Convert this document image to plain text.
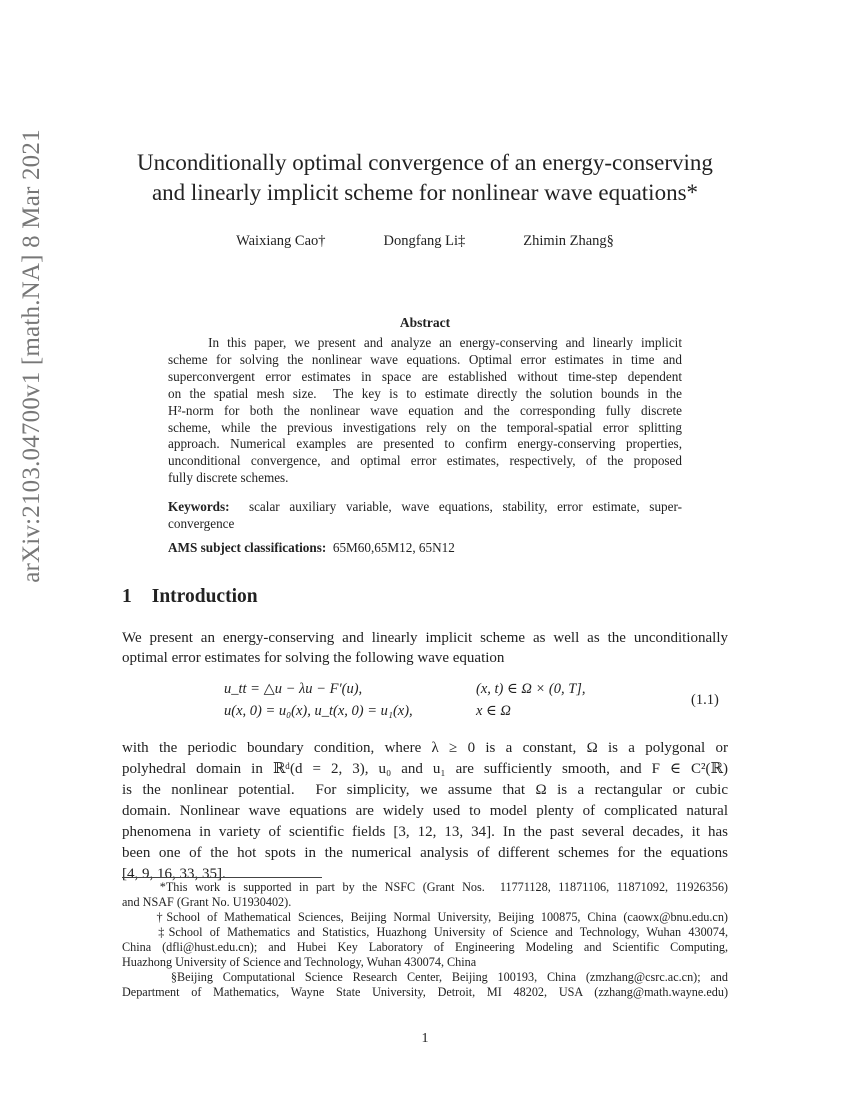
arXiv:2103.04700v1 [math.NA] 8 Mar 2021	Unconditionally optimal convergence of an energy-conserving
and linearly implicit scheme for nonlinear wave equations*
Waixiang Cao†	Dongfang Li‡	Zhimin Zhang§
Abstract
In this paper, we present and analyze an energy-conserving and linearly implicit
scheme for solving the nonlinear wave equations. Optimal error estimates in time and
superconvergent error estimates in space are established without time-step dependent
on the spatial mesh size.  The key is to estimate directly the solution bounds in the
H²-norm for both the nonlinear wave equation and the corresponding fully discrete
scheme, while the previous investigations rely on the temporal-spatial error splitting
approach. Numerical examples are presented to confirm energy-conserving properties,
unconditional convergence, and optimal error estimates, respectively, of the proposed
fully discrete schemes.
Keywords: scalar auxiliary variable, wave equations, stability, error estimate, super-
convergence
AMS subject classifications: 65M60,65M12, 65N12
1 Introduction
We present an energy-conserving and linearly implicit scheme as well as the unconditionally
optimal error estimates for solving the following wave equation
u_tt = △u − λu − F′(u),	(x, t) ∈ Ω × (0, T],
u(x, 0) = u₀(x), u_t(x, 0) = u₁(x),	x ∈ Ω
(1.1)
with the periodic boundary condition, where λ ≥ 0 is a constant, Ω is a polygonal or
polyhedral domain in ℝᵈ(d = 2, 3), u₀ and u₁ are sufficiently smooth, and F ∈ C²(ℝ)
is the nonlinear potential.  For simplicity, we assume that Ω is a rectangular or cubic
domain. Nonlinear wave equations are widely used to model plenty of complicated natural
phenomena in variety of scientific fields [3, 12, 13, 34]. In the past several decades, it has
been one of the hot spots in the numerical analysis of different schemes for the equations
[4, 9, 16, 33, 35].
*This work is supported in part by the NSFC (Grant Nos.  11771128, 11871106, 11871092, 11926356)
and NSAF (Grant No. U1930402).
†School of Mathematical Sciences, Beijing Normal University, Beijing 100875, China (caowx@bnu.edu.cn)
‡School of Mathematics and Statistics, Huazhong University of Science and Technology, Wuhan 430074,
China (dfli@hust.edu.cn); and Hubei Key Laboratory of Engineering Modeling and Scientific Computing,
Huazhong University of Science and Technology, Wuhan 430074, China
§Beijing Computational Science Research Center, Beijing 100193, China (zmzhang@csrc.ac.cn); and
Department of Mathematics, Wayne State University, Detroit, MI 48202, USA (zzhang@math.wayne.edu)
1
